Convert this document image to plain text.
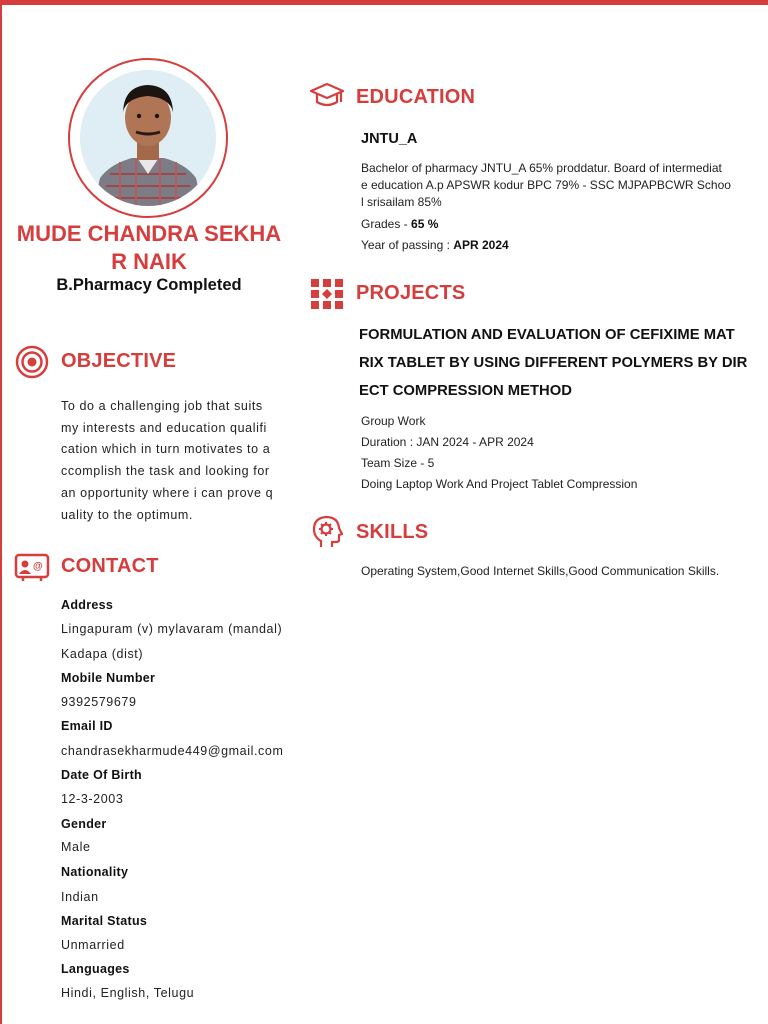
MUDE CHANDRA SEKHA
R NAIK
B.Pharmacy Completed
OBJECTIVE
To do a challenging job that suits
my interests and education qualifi
cation which in turn motivates to a
ccomplish the task and looking for
an opportunity where i can prove q
uality to the optimum.
@ CONTACT
Address
Lingapuram (v) mylavaram (mandal)
Kadapa (dist)
Mobile Number
9392579679
Email ID
chandrasekharmude449@gmail.com
Date Of Birth
12-3-2003
Gender
Male
Nationality
Indian
Marital Status
Unmarried
Languages
Hindi, English, Telugu
EDUCATION
JNTU_A
Bachelor of pharmacy JNTU_A 65% proddatur. Board of intermediat
e education A.p APSWR kodur BPC 79% - SSC MJPAPBCWR Schoo
l srisailam 85%
Grades - 65 %
Year of passing : APR 2024
PROJECTS
FORMULATION AND EVALUATION OF CEFIXIME MAT
RIX TABLET BY USING DIFFERENT POLYMERS BY DIR
ECT COMPRESSION METHOD
Group Work
Duration : JAN 2024 - APR 2024
Team Size - 5
Doing Laptop Work And Project Tablet Compression
SKILLS
Operating System,Good Internet Skills,Good Communication Skills.
